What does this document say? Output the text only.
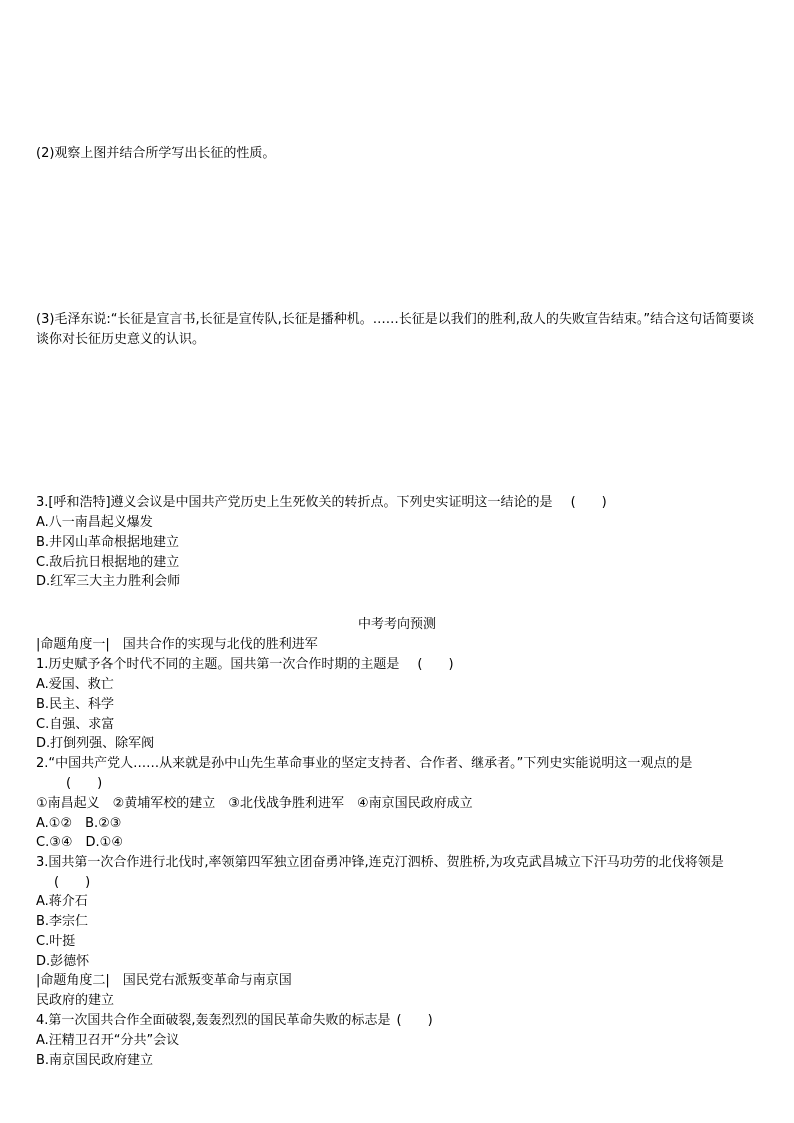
(2)观察上图并结合所学写出长征的性质。
(3)毛泽东说:“长征是宣言书,长征是宣传队,长征是播种机。……长征是以我们的胜利,敌人的失败宣告结束。”结合这句话简要谈谈你对长征历史意义的认识。
3.[呼和浩特]遵义会议是中国共产党历史上生死攸关的转折点。下列史实证明这一结论的是 (　　)
A.八一南昌起义爆发
B.井冈山革命根据地建立
C.敌后抗日根据地的建立
D.红军三大主力胜利会师
中考考向预测
|命题角度一|　国共合作的实现与北伐的胜利进军
1.历史赋予各个时代不同的主题。国共第一次合作时期的主题是 (　　)
A.爱国、救亡
B.民主、科学
C.自强、求富
D.打倒列强、除军阀
2.“中国共产党人……从来就是孙中山先生革命事业的坚定支持者、合作者、继承者。”下列史实能说明这一观点的是(　　)
①南昌起义　②黄埔军校的建立　③北伐战争胜利进军　④南京国民政府成立
A.①②　B.②③
C.③④　D.①④
3.国共第一次合作进行北伐时,率领第四军独立团奋勇冲锋,连克汀泗桥、贺胜桥,为攻克武昌城立下汗马功劳的北伐将领是(　　)
A.蒋介石
B.李宗仁
C.叶挺
D.彭德怀
|命题角度二|　国民党右派叛变革命与南京国
民政府的建立
4.第一次国共合作全面破裂,轰轰烈烈的国民革命失败的标志是 (　　)
A.汪精卫召开“分共”会议
B.南京国民政府建立
